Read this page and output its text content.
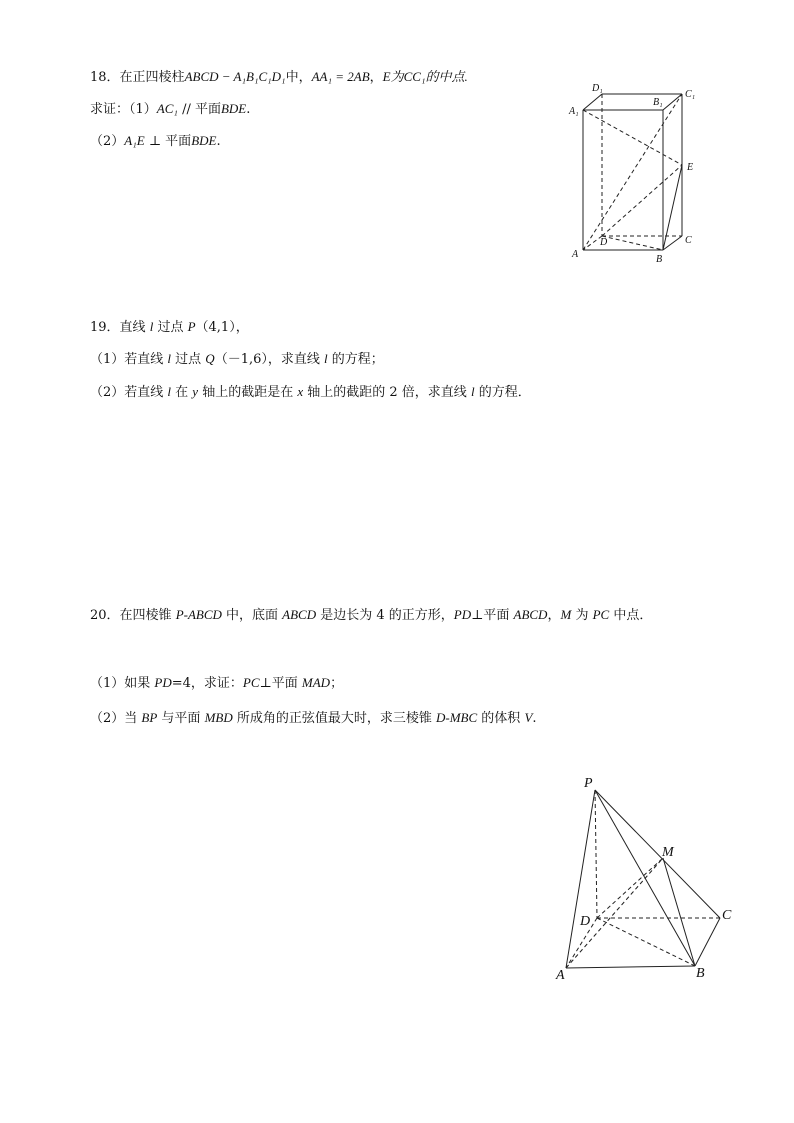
18．在正四棱柱ABCD − A₁B₁C₁D₁中，AA₁ = 2AB，E为CC₁的中点.
求证：（1）AC₁ // 平面BDE.
（2）A₁E ⊥ 平面BDE.
D₁
B₁
C₁
A₁
E
D	C
A	B
19．直线 l 过点 P（4,1），
（1）若直线 l 过点 Q（－1,6），求直线 l 的方程；
（2）若直线 l 在 y 轴上的截距是在 x 轴上的截距的 2 倍，求直线 l 的方程．
20．在四棱锥 P-ABCD 中，底面 ABCD 是边长为 4 的正方形，PD⊥平面 ABCD，M 为 PC 中点．
（1）如果 PD=4，求证：PC⊥平面 MAD；
（2）当 BP 与平面 MBD 所成角的正弦值最大时，求三棱锥 D-MBC 的体积 V.
P
M
D	C
A	B
